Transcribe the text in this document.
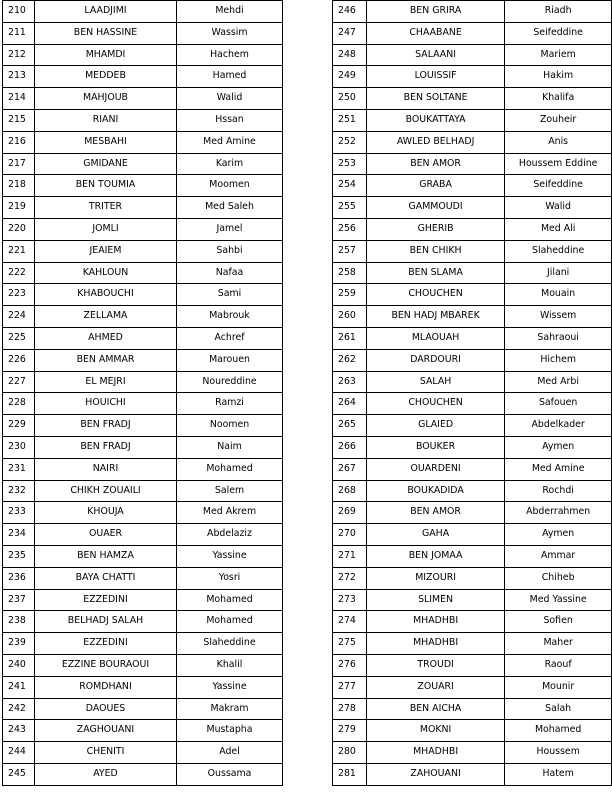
210	LAADJIMI	Mehdi
211	BEN HASSINE	Wassim
212	MHAMDI	Hachem
213	MEDDEB	Hamed
214	MAHJOUB	Walid
215	RIANI	Hssan
216	MESBAHI	Med Amine
217	GMIDANE	Karim
218	BEN TOUMIA	Moomen
219	TRITER	Med Saleh
220	JOMLI	Jamel
221	JEAIEM	Sahbi
222	KAHLOUN	Nafaa
223	KHABOUCHI	Sami
224	ZELLAMA	Mabrouk
225	AHMED	Achref
226	BEN AMMAR	Marouen
227	EL MEJRI	Noureddine
228	HOUICHI	Ramzi
229	BEN FRADJ	Noomen
230	BEN FRADJ	Naim
231	NAIRI	Mohamed
232	CHIKH ZOUAILI	Salem
233	KHOUJA	Med Akrem
234	OUAER	Abdelaziz
235	BEN HAMZA	Yassine
236	BAYA CHATTI	Yosri
237	EZZEDINI	Mohamed
238	BELHADJ SALAH	Mohamed
239	EZZEDINI	Slaheddine
240	EZZINE BOURAOUI	Khalil
241	ROMDHANI	Yassine
242	DAOUES	Makram
243	ZAGHOUANI	Mustapha
244	CHENITI	Adel
245	AYED	Oussama
246	BEN GRIRA	Riadh
247	CHAABANE	Seifeddine
248	SALAANI	Mariem
249	LOUISSIF	Hakim
250	BEN SOLTANE	Khalifa
251	BOUKATTAYA	Zouheir
252	AWLED BELHADJ	Anis
253	BEN AMOR	Houssem Eddine
254	GRABA	Seifeddine
255	GAMMOUDI	Walid
256	GHERIB	Med Ali
257	BEN CHIKH	Slaheddine
258	BEN SLAMA	Jilani
259	CHOUCHEN	Mouain
260	BEN HADJ MBAREK	Wissem
261	MLAOUAH	Sahraoui
262	DARDOURI	Hichem
263	SALAH	Med Arbi
264	CHOUCHEN	Safouen
265	GLAIED	Abdelkader
266	BOUKER	Aymen
267	OUARDENI	Med Amine
268	BOUKADIDA	Rochdi
269	BEN AMOR	Abderrahmen
270	GAHA	Aymen
271	BEN JOMAA	Ammar
272	MIZOURI	Chiheb
273	SLIMEN	Med Yassine
274	MHADHBI	Sofien
275	MHADHBI	Maher
276	TROUDI	Raouf
277	ZOUARI	Mounir
278	BEN AICHA	Salah
279	MOKNI	Mohamed
280	MHADHBI	Houssem
281	ZAHOUANI	Hatem
